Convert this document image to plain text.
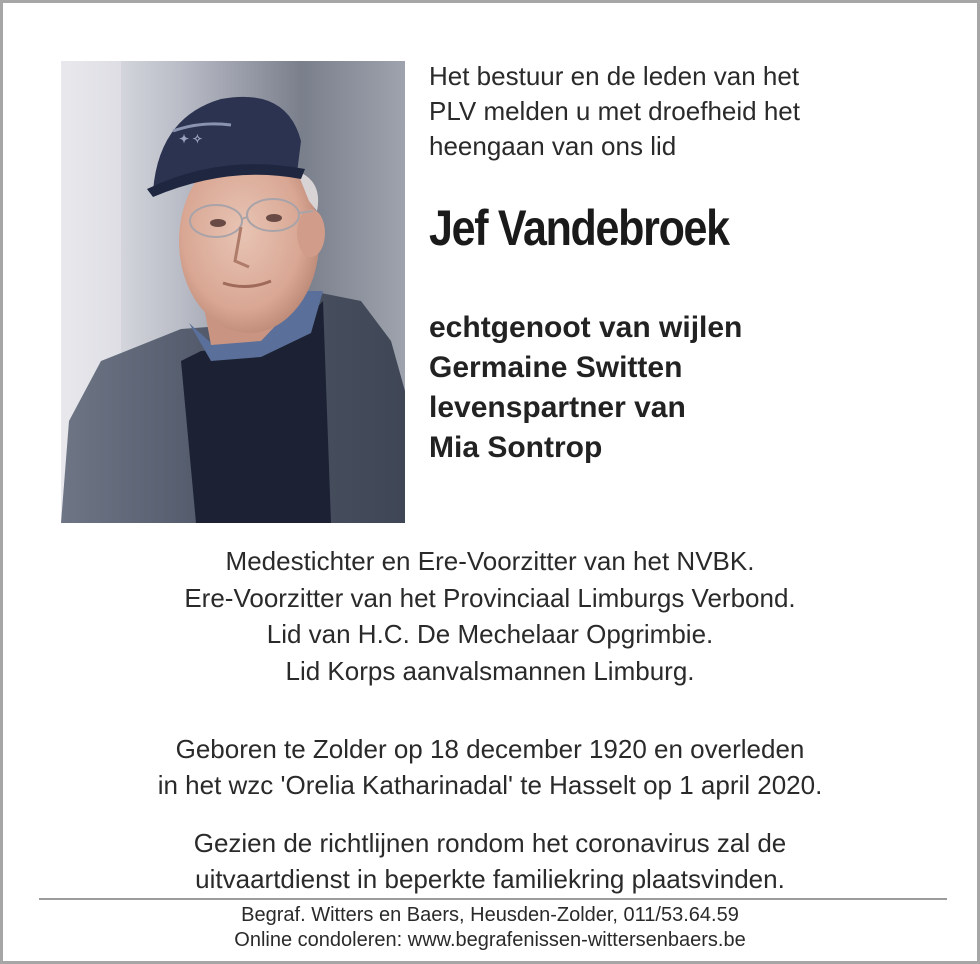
✦ ✧
Het bestuur en de leden van het
PLV melden u met droefheid het
heengaan van ons lid
Jef Vandebroek
echtgenoot van wijlen
Germaine Switten
levenspartner van
Mia Sontrop
Medestichter en Ere-Voorzitter van het NVBK.
Ere-Voorzitter van het Provinciaal Limburgs Verbond.
Lid van H.C. De Mechelaar Opgrimbie.
Lid Korps aanvalsmannen Limburg.
Geboren te Zolder op 18 december 1920 en overleden
in het wzc 'Orelia Katharinadal' te Hasselt op 1 april 2020.
Gezien de richtlijnen rondom het coronavirus zal de
uitvaartdienst in beperkte familiekring plaatsvinden.
Begraf. Witters en Baers, Heusden-Zolder, 011/53.64.59
Online condoleren: www.begrafenissen-wittersenbaers.be
